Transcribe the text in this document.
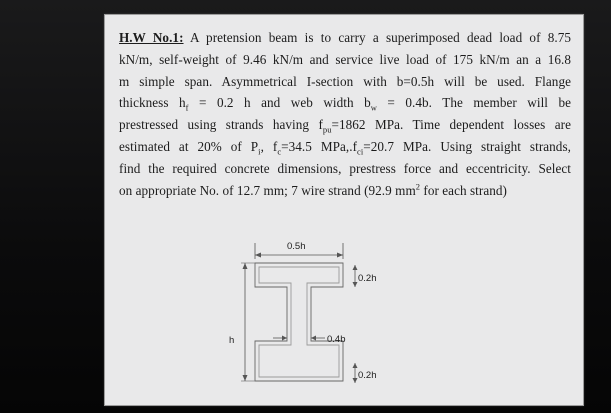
H.W No.1: A pretension beam is to carry a superimposed dead load of 8.75
kN/m, self-weight of 9.46 kN/m and service live load of 175 kN/m an a 16.8
m simple span. Asymmetrical I-section with b=0.5h will be used. Flange
thickness $h_f = 0.2$ h and web width $b_w = 0.4b$. The member will be
prestressed using strands having $f_{pu}=1862$ MPa. Time dependent losses are
estimated at 20% of $P_i$, $f_c=34.5$ $MPa,.f_{ci}=20.7$ MPa. Using straight strands,
find the required concrete dimensions, prestress force and eccentricity. Select
on appropriate No. of 12.7 mm; 7 wire strand (92.9 $mm^2$ for each strand)
0.5h
h
0.2h
0.4b
0.2h
